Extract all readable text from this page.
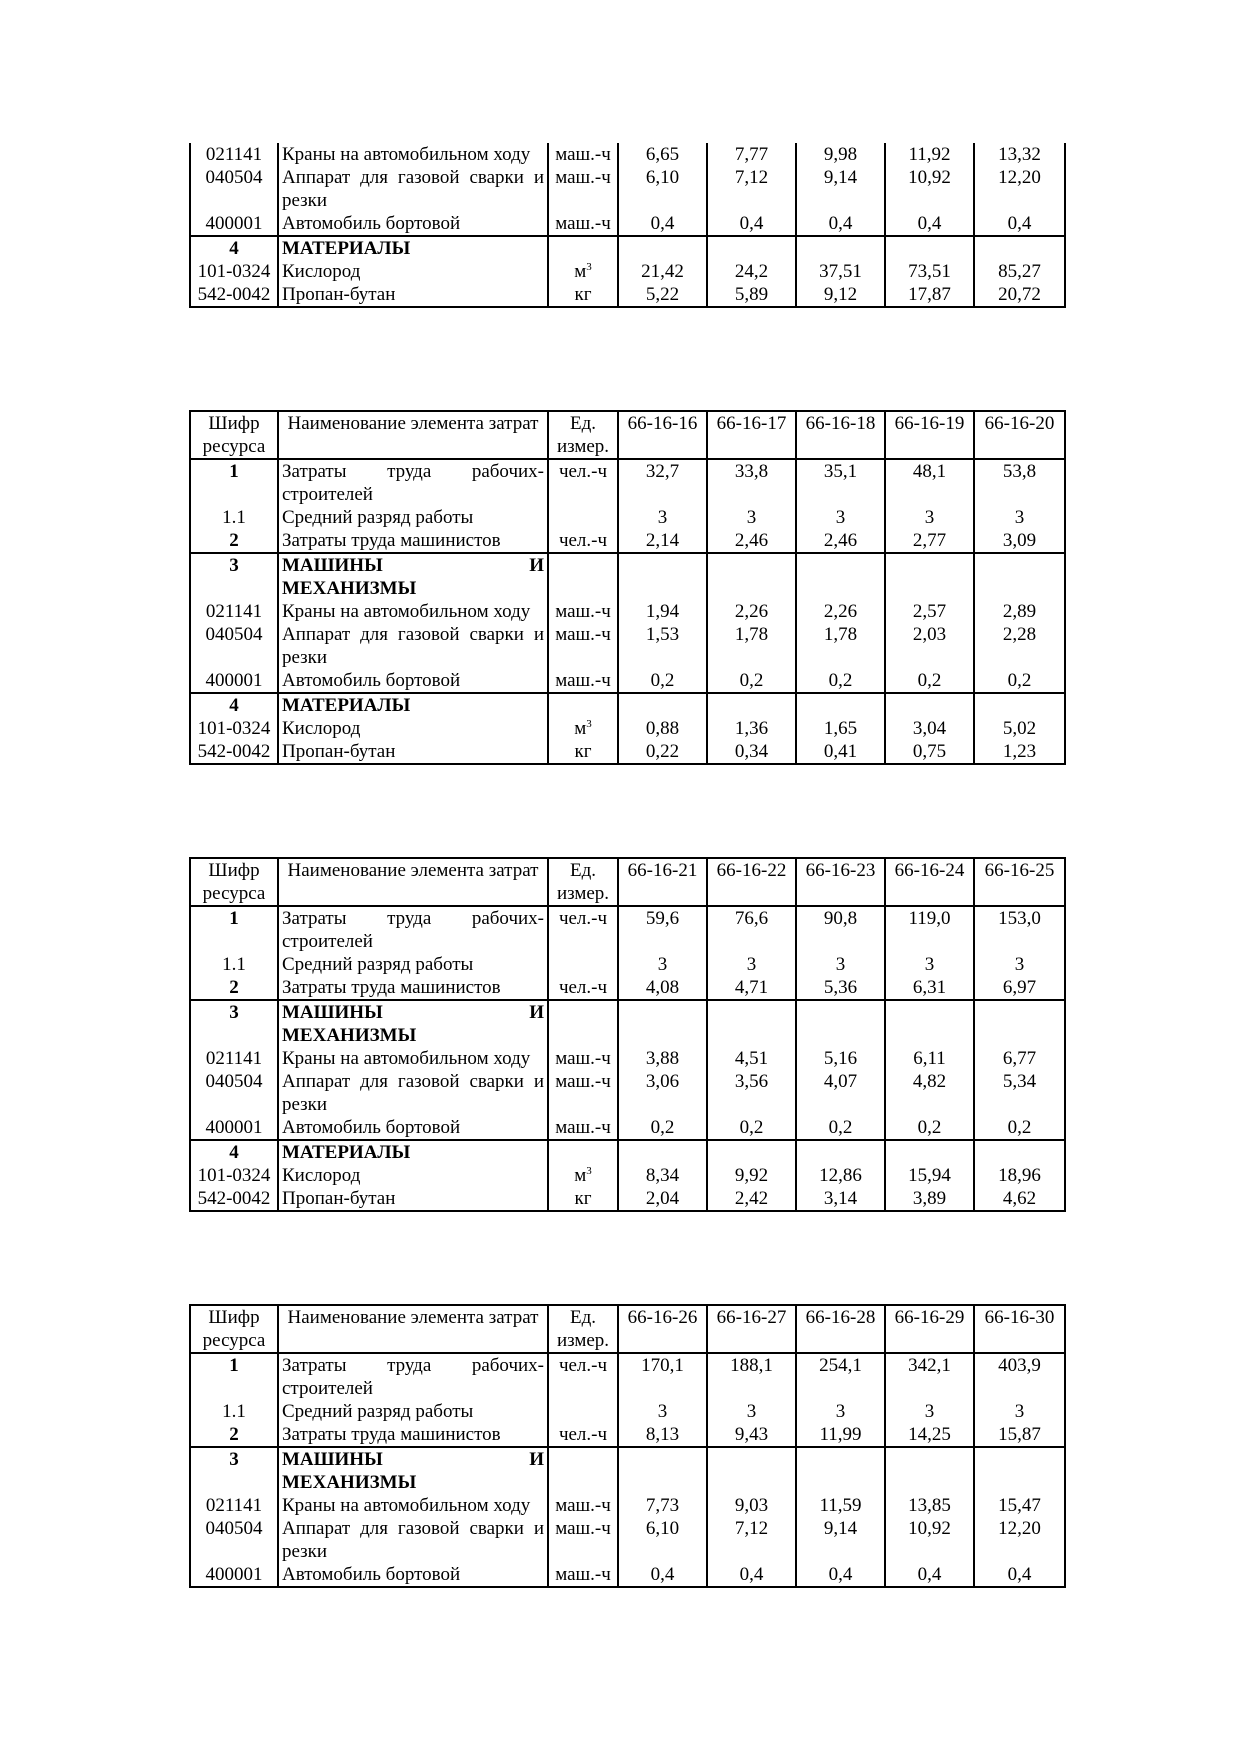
021141	Краны на автомобильном ходу	маш.-ч	6,65	7,77	9,98	11,92	13,32
040504	Аппарат для газовой сварки и резки	маш.-ч	6,10	7,12	9,14	10,92	12,20
400001	Автомобиль бортовой	маш.-ч	0,4	0,4	0,4	0,4	0,4
4	МАТЕРИАЛЫ						
101-0324	Кислород	$м^3$	21,42	24,2	37,51	73,51	85,27
542-0042	Пропан-бутан	кг	5,22	5,89	9,12	17,87	20,72
Шифр ресурса	Наименование элемента затрат	Ед. измер.	66-16-16	66-16-17	66-16-18	66-16-19	66-16-20
1	Затраты труда рабочих-строителей	чел.-ч	32,7	33,8	35,1	48,1	53,8
1.1	Средний разряд работы		3	3	3	3	3
2	Затраты труда машинистов	чел.-ч	2,14	2,46	2,46	2,77	3,09
3	МАШИНЫ И
МЕХАНИЗМЫ						

021141	Краны на автомобильном ходу	маш.-ч	1,94	2,26	2,26	2,57	2,89
040504	Аппарат для газовой сварки и резки	маш.-ч	1,53	1,78	1,78	2,03	2,28
400001	Автомобиль бортовой	маш.-ч	0,2	0,2	0,2	0,2	0,2
4	МАТЕРИАЛЫ						
101-0324	Кислород	$м^3$	0,88	1,36	1,65	3,04	5,02
542-0042	Пропан-бутан	кг	0,22	0,34	0,41	0,75	1,23
Шифр ресурса	Наименование элемента затрат	Ед. измер.	66-16-21	66-16-22	66-16-23	66-16-24	66-16-25
1	Затраты труда рабочих-строителей	чел.-ч	59,6	76,6	90,8	119,0	153,0
1.1	Средний разряд работы		3	3	3	3	3
2	Затраты труда машинистов	чел.-ч	4,08	4,71	5,36	6,31	6,97
3	МАШИНЫ И
МЕХАНИЗМЫ						

021141	Краны на автомобильном ходу	маш.-ч	3,88	4,51	5,16	6,11	6,77
040504	Аппарат для газовой сварки и резки	маш.-ч	3,06	3,56	4,07	4,82	5,34
400001	Автомобиль бортовой	маш.-ч	0,2	0,2	0,2	0,2	0,2
4	МАТЕРИАЛЫ						
101-0324	Кислород	$м^3$	8,34	9,92	12,86	15,94	18,96
542-0042	Пропан-бутан	кг	2,04	2,42	3,14	3,89	4,62
Шифр ресурса	Наименование элемента затрат	Ед. измер.	66-16-26	66-16-27	66-16-28	66-16-29	66-16-30
1	Затраты труда рабочих-строителей	чел.-ч	170,1	188,1	254,1	342,1	403,9
1.1	Средний разряд работы		3	3	3	3	3
2	Затраты труда машинистов	чел.-ч	8,13	9,43	11,99	14,25	15,87
3	МАШИНЫ И
МЕХАНИЗМЫ						

021141	Краны на автомобильном ходу	маш.-ч	7,73	9,03	11,59	13,85	15,47
040504	Аппарат для газовой сварки и резки	маш.-ч	6,10	7,12	9,14	10,92	12,20
400001	Автомобиль бортовой	маш.-ч	0,4	0,4	0,4	0,4	0,4
